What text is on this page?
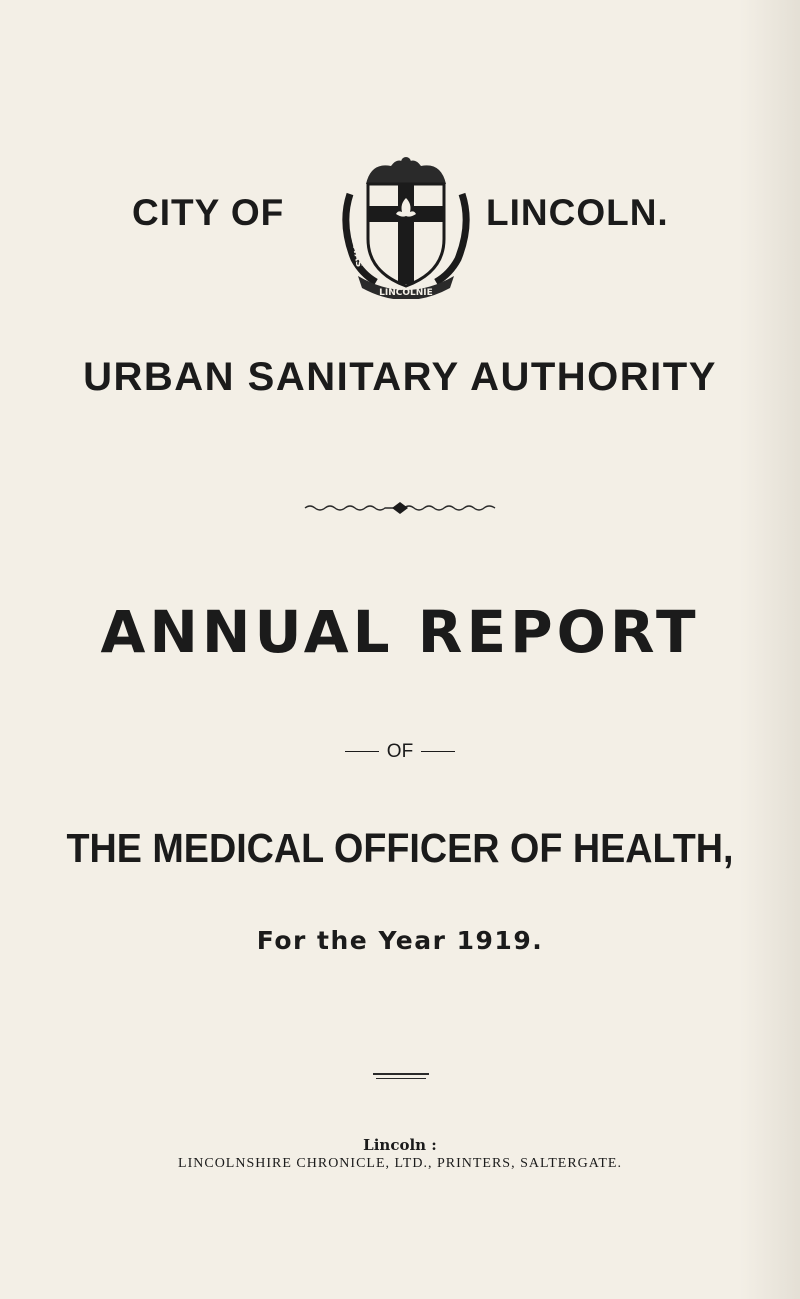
CITY OF
LINCOLNIE
CIVITAS
LINCOLN.
URBAN SANITARY AUTHORITY
ANNUAL REPORT
OF
THE MEDICAL OFFICER OF HEALTH,
For the Year 1919.
Lincoln :
LINCOLNSHIRE CHRONICLE, LTD., PRINTERS, SALTERGATE.
